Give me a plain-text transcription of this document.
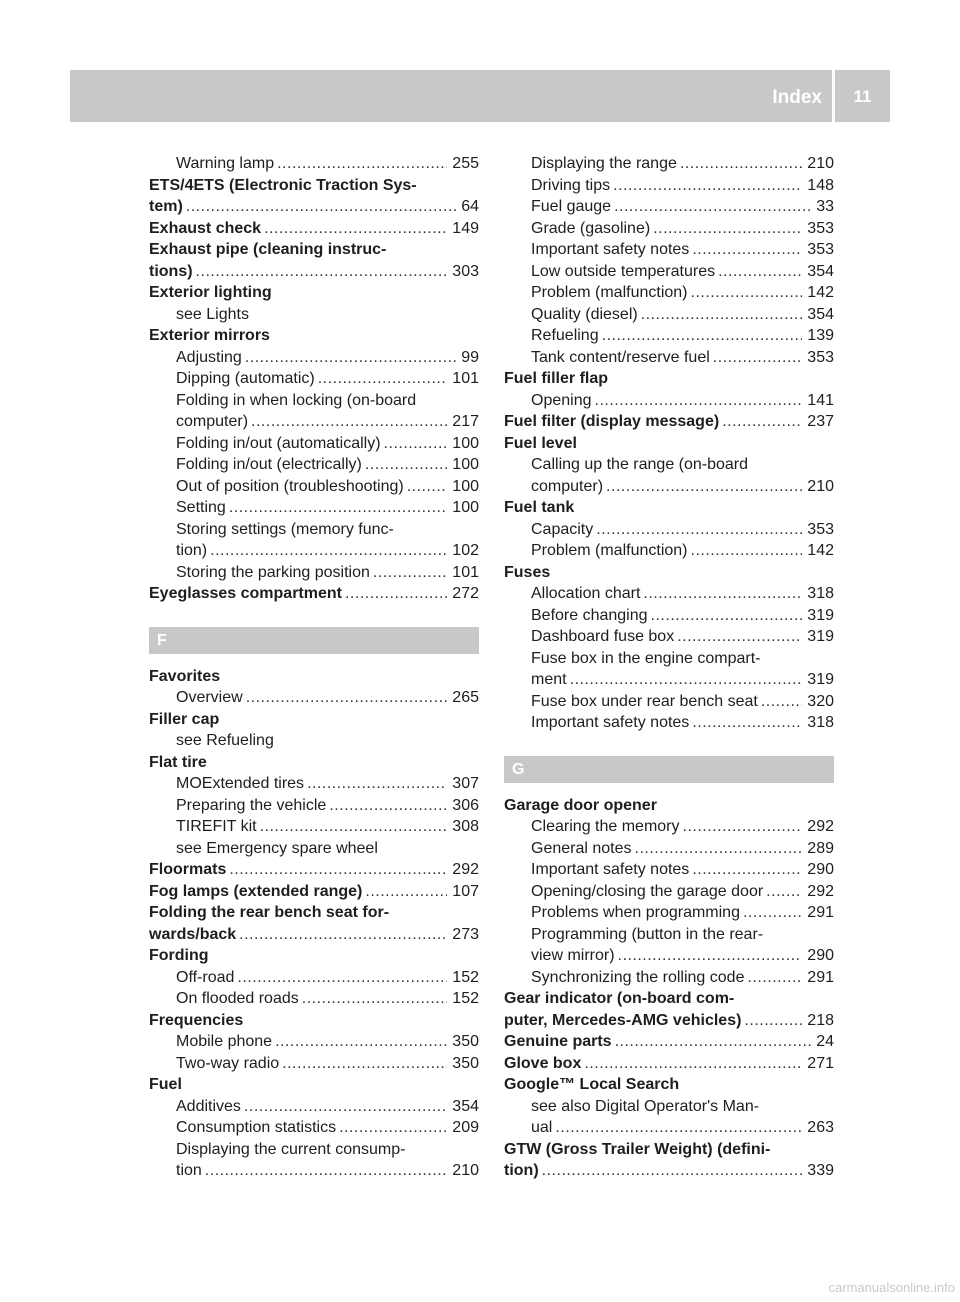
Index	11
Warning lamp .....	255
ETS/4ETS (Electronic Traction Sys-
tem) .....	64
Exhaust check .....	149
Exhaust pipe (cleaning instruc-
tions) .....	303
Exterior lighting
see Lights
Exterior mirrors
Adjusting .....	99
Dipping (automatic) .....	101
Folding in when locking (on-board
computer) .....	217
Folding in/out (automatically) .....	100
Folding in/out (electrically) .....	100
Out of position (troubleshooting) .....	100
Setting .....	100
Storing settings (memory func-
tion) .....	102
Storing the parking position .....	101
Eyeglasses compartment .....	272
F
Favorites
Overview .....	265
Filler cap
see Refueling
Flat tire
MOExtended tires .....	307
Preparing the vehicle .....	306
TIREFIT kit .....	308
see Emergency spare wheel
Floormats .....	292
Fog lamps (extended range) .....	107
Folding the rear bench seat for-
wards/back .....	273
Fording
Off-road .....	152
On flooded roads .....	152
Frequencies
Mobile phone .....	350
Two-way radio .....	350
Fuel
Additives .....	354
Consumption statistics .....	209
Displaying the current consump-
tion .....	210
Displaying the range .....	210
Driving tips .....	148
Fuel gauge .....	33
Grade (gasoline) .....	353
Important safety notes .....	353
Low outside temperatures .....	354
Problem (malfunction) .....	142
Quality (diesel) .....	354
Refueling .....	139
Tank content/reserve fuel .....	353
Fuel filler flap
Opening .....	141
Fuel filter (display message) .....	237
Fuel level
Calling up the range (on-board
computer) .....	210
Fuel tank
Capacity .....	353
Problem (malfunction) .....	142
Fuses
Allocation chart .....	318
Before changing .....	319
Dashboard fuse box .....	319
Fuse box in the engine compart-
ment .....	319
Fuse box under rear bench seat .....	320
Important safety notes .....	318
G
Garage door opener
Clearing the memory .....	292
General notes .....	289
Important safety notes .....	290
Opening/closing the garage door .....	292
Problems when programming .....	291
Programming (button in the rear-
view mirror) .....	290
Synchronizing the rolling code .....	291
Gear indicator (on-board com-
puter, Mercedes-AMG vehicles) .....	218
Genuine parts .....	24
Glove box .....	271
Google™ Local Search
see also Digital Operator's Man-
ual .....	263
GTW (Gross Trailer Weight) (defini-
tion) .....	339
carmanualsonline.info
